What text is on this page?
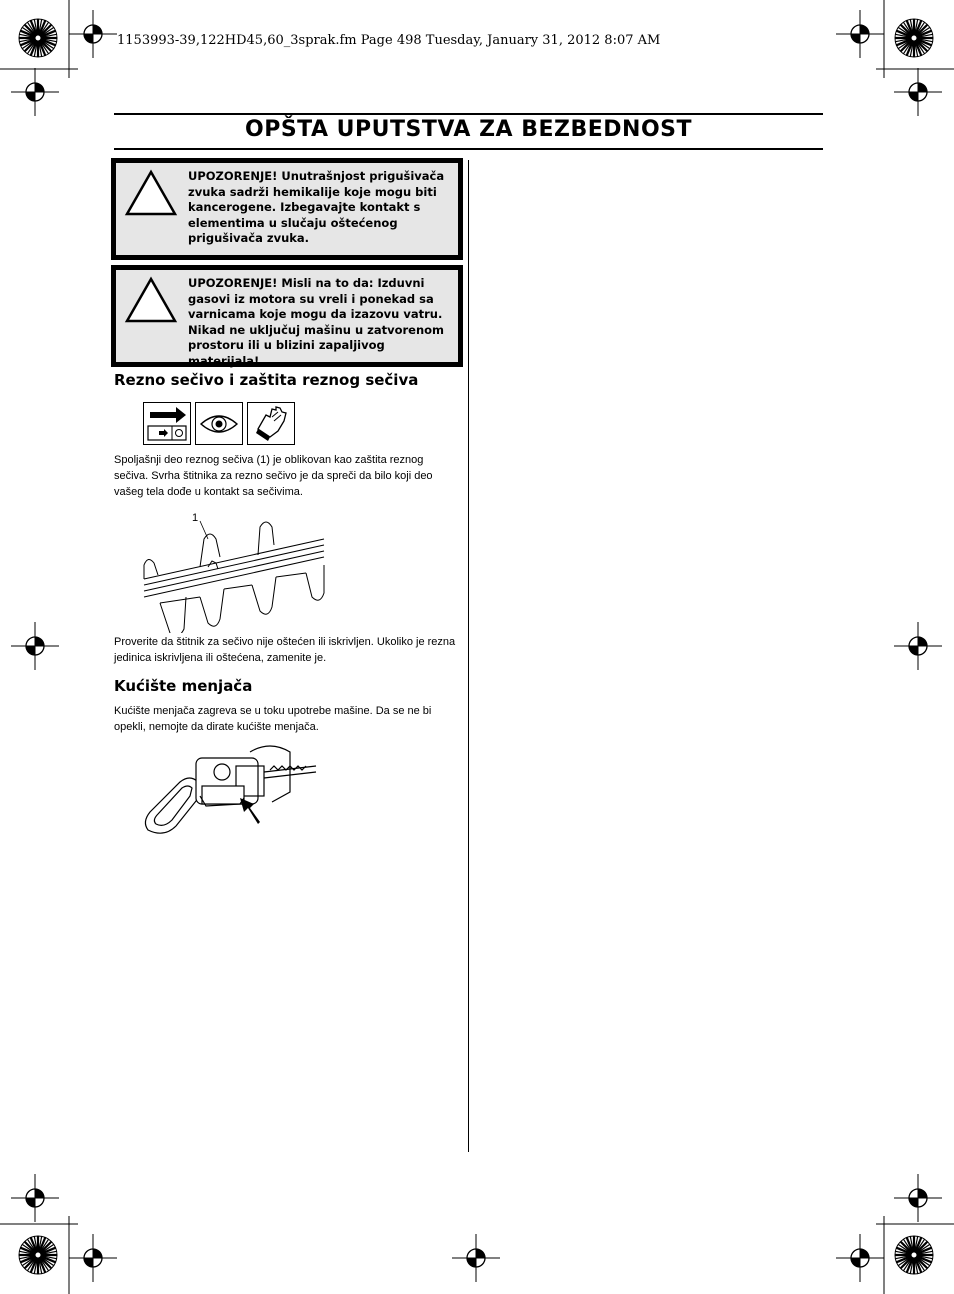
1153993-39,122HD45,60_3sprak.fm Page 498 Tuesday, January 31, 2012 8:07 AM
OPŠTA UPUTSTVA ZA BEZBEDNOST
UPOZORENJE! Unutrašnjost prigušivača zvuka sadrži hemikalije koje mogu biti kancerogene. Izbegavajte kontakt s elementima u slučaju oštećenog prigušivača zvuka.
UPOZORENJE! Misli na to da: Izduvni gasovi iz motora su vreli i ponekad sa varnicama koje mogu da izazovu vatru. Nikad ne uključuj mašinu u zatvorenom prostoru ili u blizini zapaljivog materijala!
Rezno sečivo i zaštita reznog sečiva
Spoljašnji deo reznog sečiva (1) je oblikovan kao zaštita reznog sečiva. Svrha štitnika za rezno sečivo je da spreči da bilo koji deo vašeg tela dođe u kontakt sa sečivima.
1
Proverite da štitnik za sečivo nije oštećen ili iskrivljen. Ukoliko je rezna jedinica iskrivljena ili oštećena, zamenite je.
Kućište menjača
Kućište menjača zagreva se u toku upotrebe mašine. Da se ne bi opekli, nemojte da dirate kućište menjača.
